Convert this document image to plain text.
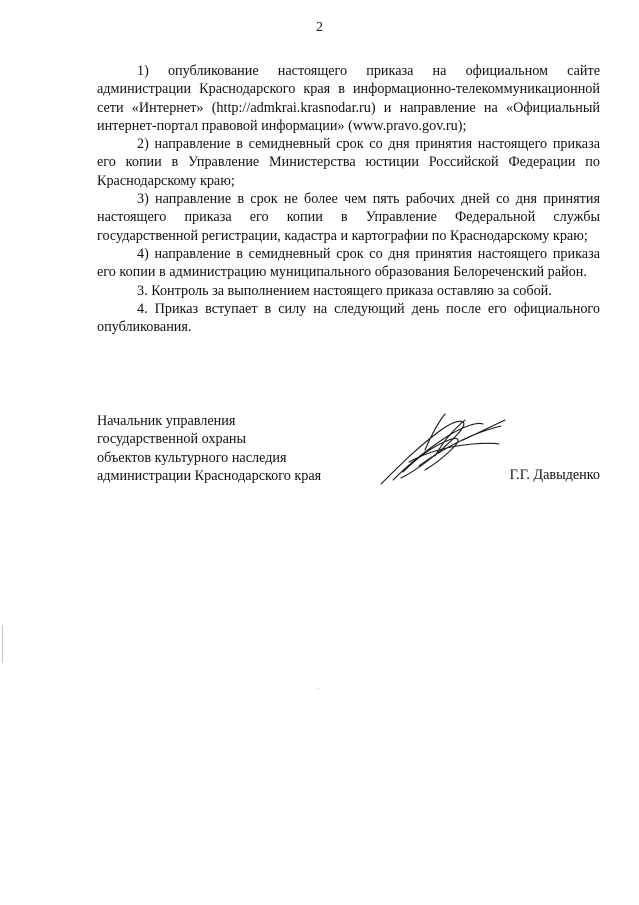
2

1) опубликование настоящего приказа на официальном сайте администрации Краснодарского края в информационно-телекоммуникационной сети «Интернет» (http://admkrai.krasnodar.ru) и направление на «Официальный интернет-портал правовой информации» (www.pravo.gov.ru);

2) направление в семидневный срок со дня принятия настоящего приказа его копии в Управление Министерства юстиции Российской Федерации по Краснодарскому краю;

3) направление в срок не более чем пять рабочих дней со дня принятия настоящего приказа его копии в Управление Федеральной службы государственной регистрации, кадастра и картографии по Краснодарскому краю;

4) направление в семидневный срок со дня принятия настоящего приказа его копии в администрацию муниципального образования Белореченский район.

3. Контроль за выполнением настоящего приказа оставляю за собой.

4. Приказ вступает в силу на следующий день после его официального опубликования.

Начальник управления
государственной охраны
объектов культурного наследия
администрации Краснодарского края	Г.Г. Давыденко
